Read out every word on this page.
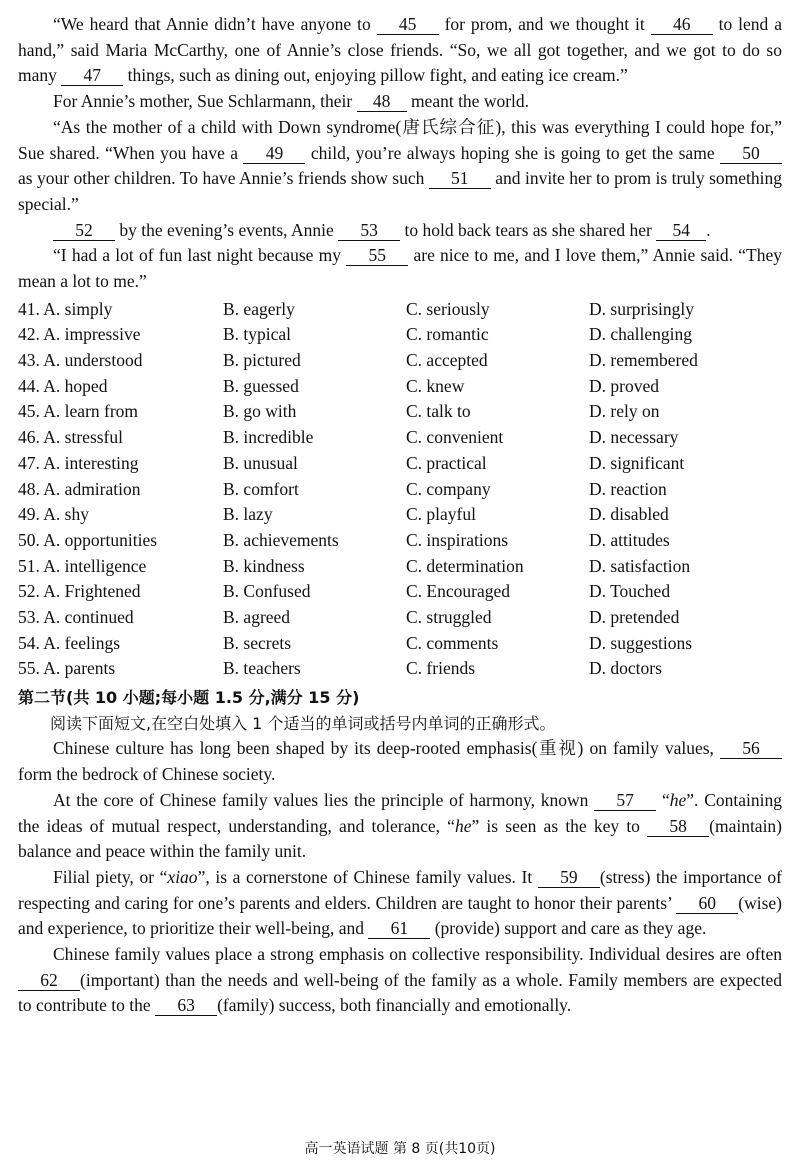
“We heard that Annie didn’t have anyone to 45 for prom, and we thought it 46 to lend a hand,” said Maria McCarthy, one of Annie’s close friends. “So, we all got together, and we got to do so many 47 things, such as dining out, enjoying pillow fight, and eating ice cream.”

For Annie’s mother, Sue Schlarmann, their 48 meant the world.

“As the mother of a child with Down syndrome(唐氏综合征), this was everything I could hope for,” Sue shared. “When you have a 49 child, you’re always hoping she is going to get the same 50 as your other children. To have Annie’s friends show such 51 and invite her to prom is truly something special.”

52 by the evening’s events, Annie 53 to hold back tears as she shared her 54 .

“I had a lot of fun last night because my 55 are nice to me, and I love them,” Annie said. “They mean a lot to me.”

41. A. simply	B. eagerly	C. seriously	D. surprisingly
42. A. impressive	B. typical	C. romantic	D. challenging
43. A. understood	B. pictured	C. accepted	D. remembered
44. A. hoped	B. guessed	C. knew	D. proved
45. A. learn from	B. go with	C. talk to	D. rely on
46. A. stressful	B. incredible	C. convenient	D. necessary
47. A. interesting	B. unusual	C. practical	D. significant
48. A. admiration	B. comfort	C. company	D. reaction
49. A. shy	B. lazy	C. playful	D. disabled
50. A. opportunities	B. achievements	C. inspirations	D. attitudes
51. A. intelligence	B. kindness	C. determination	D. satisfaction
52. A. Frightened	B. Confused	C. Encouraged	D. Touched
53. A. continued	B. agreed	C. struggled	D. pretended
54. A. feelings	B. secrets	C. comments	D. suggestions
55. A. parents	B. teachers	C. friends	D. doctors
第二节(共 10 小题;每小题 1.5 分,满分 15 分)
阅读下面短文,在空白处填入 1 个适当的单词或括号内单词的正确形式。

Chinese culture has long been shaped by its deep-rooted emphasis(重视) on family values, 56 form the bedrock of Chinese society.

At the core of Chinese family values lies the principle of harmony, known 57 “he”. Containing the ideas of mutual respect, understanding, and tolerance, “he” is seen as the key to 58 (maintain) balance and peace within the family unit.

Filial piety, or “xiao”, is a cornerstone of Chinese family values. It 59 (stress) the importance of respecting and caring for one’s parents and elders. Children are taught to honor their parents’ 60 (wise) and experience, to prioritize their well-being, and 61 (provide) support and care as they age.

Chinese family values place a strong emphasis on collective responsibility. Individual desires are often 62 (important) than the needs and well-being of the family as a whole. Family members are expected to contribute to the 63 (family) success, both financially and emotionally.

高一英语试题 第 8 页(共10页)
